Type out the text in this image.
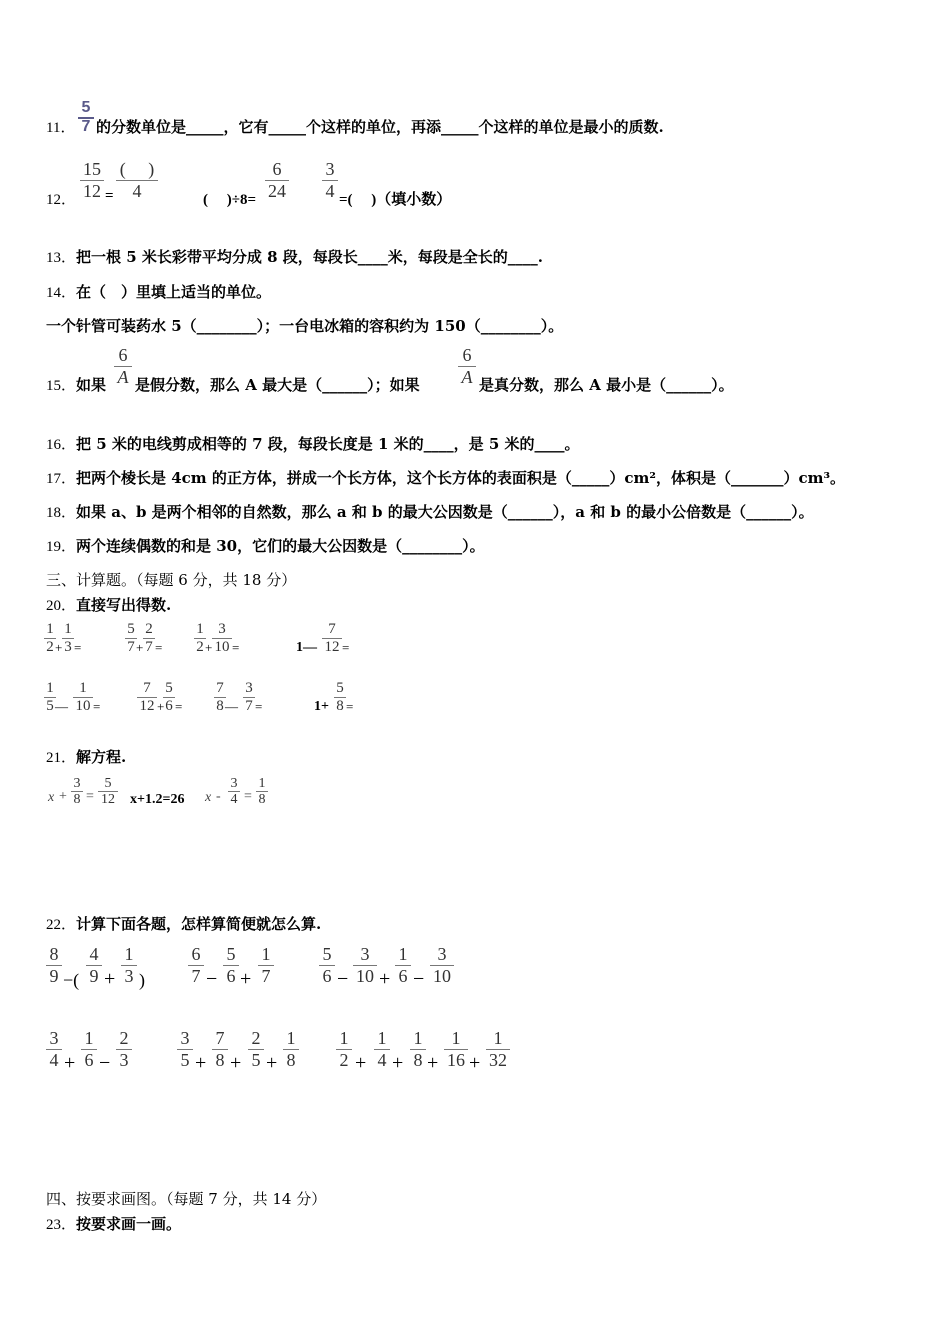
11． $\frac{5}{7}$ 的分数单位是_____，它有_____个这样的单位，再添_____个这样的单位是最小的质数.
12．
15
12 =
(　 )
4	(　 )÷8=
6
24
3
4 =(　 )（填小数）
13．把一根 5 米长彩带平均分成 8 段，每段长____米，每段是全长的____.
14．在（　）里填上适当的单位。
一个针管可装药水 5（________）；一台电冰箱的容积约为 150（________）。
15．如果
6
A 是假分数，那么 A 最大是（______）；如果
6
A 是真分数，那么 A 最小是（______）。
16．把 5 米的电线剪成相等的 7 段，每段长度是 1 米的____，是 5 米的____。
17．把两个棱长是 4cm 的正方体，拼成一个长方体，这个长方体的表面积是（_____）cm²，体积是（_______）cm³。
18．如果 a、b 是两个相邻的自然数，那么 a 和 b 的最大公因数是（______），a 和 b 的最小公倍数是（______）。
19．两个连续偶数的和是 30，它们的最大公因数是（________）。
三、计算题。（每题 6 分，共 18 分）
20．直接写出得数.
1
2 +
1
3 =
5
7 +
2
7 =
1
2 +
3
10 =	1—
7
12 =
1
5 —
1
10 =
7
12 +
5
6 =
7
8 —
3
7 =	1+
5
8 =
21．解方程.
x +
3
8 =
5
12 x+1.2=26 x -
3
4 =
1
8
22．计算下面各题，怎样算简便就怎么算.
8
9 −(
4
9 +
1
3 )
6
7 −
5
6 +
1
7
5
6 −
3
10 +
1
6 −
3
10
3
4 +
1
6 −
2
3
3
5 +
7
8 +
2
5 +
1
8
1
2 +
1
4 +
1
8 +
1
16 +
1
32
四、按要求画图。（每题 7 分，共 14 分）
23．按要求画一画。
